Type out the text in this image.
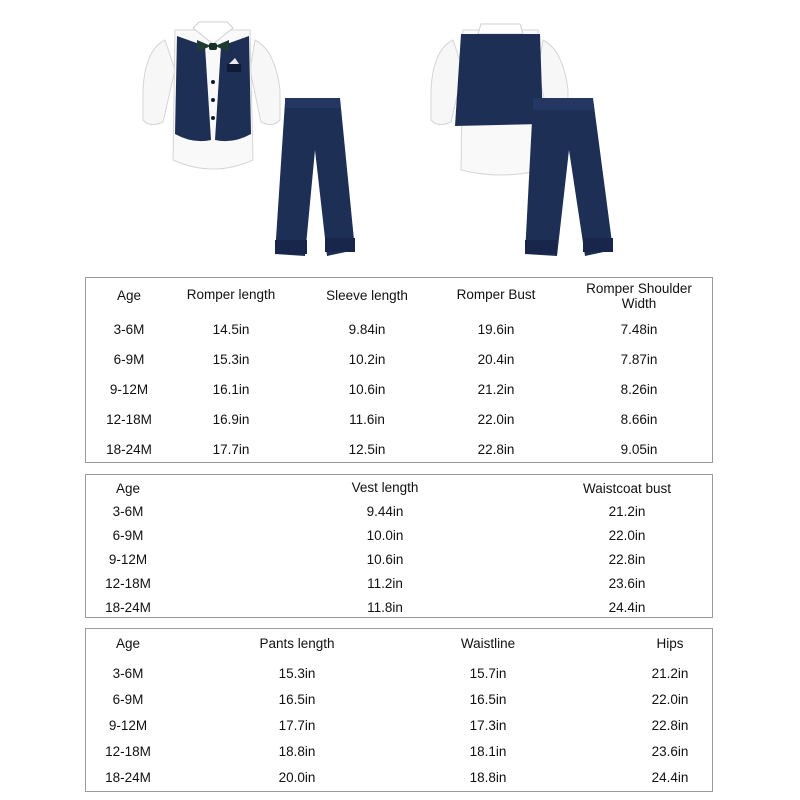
Age	Romper length	Sleeve length	Romper Bust	Romper Shoulder Width
3-6M	14.5in	9.84in	19.6in	7.48in
6-9M	15.3in	10.2in	20.4in	7.87in
9-12M	16.1in	10.6in	21.2in	8.26in
12-18M	16.9in	11.6in	22.0in	8.66in
18-24M	17.7in	12.5in	22.8in	9.05in
Age	Vest length	Waistcoat bust
3-6M	9.44in	21.2in
6-9M	10.0in	22.0in
9-12M	10.6in	22.8in
12-18M	11.2in	23.6in
18-24M	11.8in	24.4in
Age	Pants length	Waistline	Hips
3-6M	15.3in	15.7in	21.2in
6-9M	16.5in	16.5in	22.0in
9-12M	17.7in	17.3in	22.8in
12-18M	18.8in	18.1in	23.6in
18-24M	20.0in	18.8in	24.4in
